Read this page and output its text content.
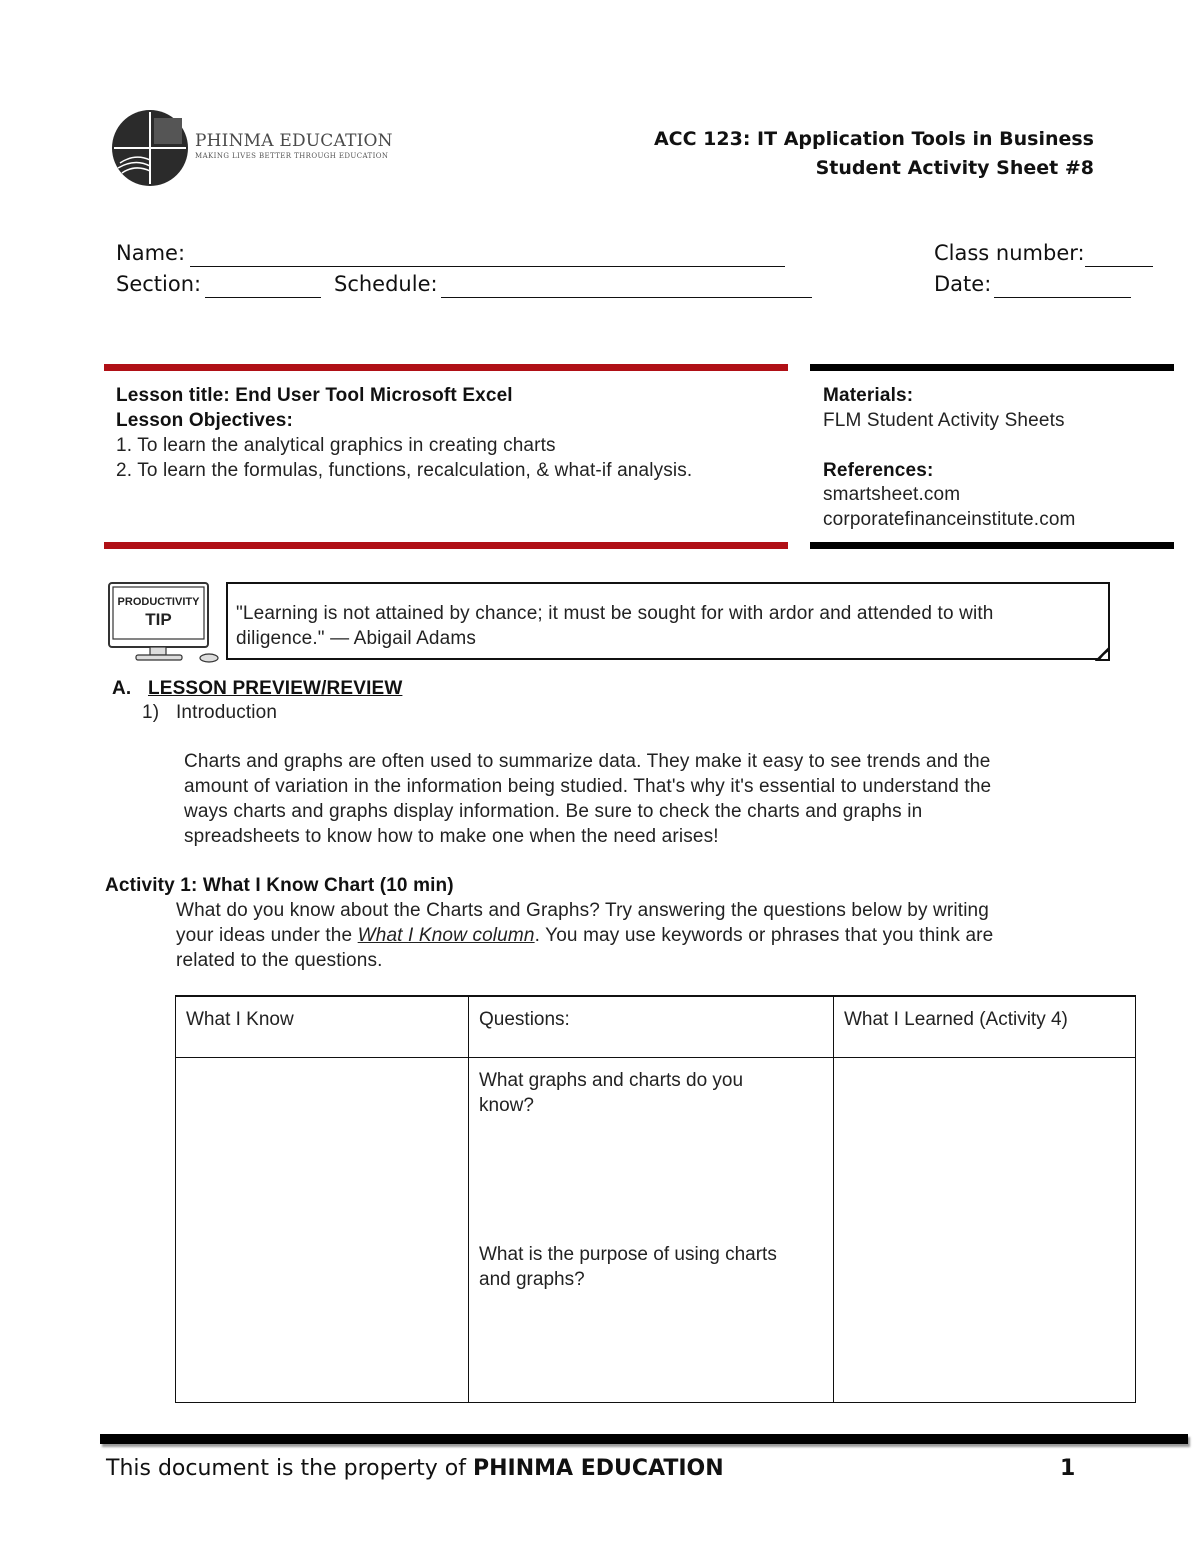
PHINMA EDUCATION
MAKING LIVES BETTER THROUGH EDUCATION
ACC 123: IT Application Tools in Business
Student Activity Sheet #8
Name:	Class number:
Section:	Schedule:	Date:
Lesson title: End User Tool Microsoft Excel
Lesson Objectives:
1. To learn the analytical graphics in creating charts
2. To learn the formulas, functions, recalculation, & what-if analysis.
Materials:
FLM Student Activity Sheets
References:
smartsheet.com
corporatefinanceinstitute.com
PRODUCTIVITY
TIP	"Learning is not attained by chance; it must be sought for with ardor and attended to with
diligence." — Abigail Adams
A. LESSON PREVIEW/REVIEW
1) Introduction
Charts and graphs are often used to summarize data. They make it easy to see trends and the
amount of variation in the information being studied. That's why it's essential to understand the
ways charts and graphs display information. Be sure to check the charts and graphs in
spreadsheets to know how to make one when the need arises!
Activity 1: What I Know Chart (10 min)
What do you know about the Charts and Graphs? Try answering the questions below by writing
your ideas under the What I Know column. You may use keywords or phrases that you think are
related to the questions.
What I Know	Questions:	What I Learned (Activity 4)

	What graphs and charts do you
know?
What is the purpose of using charts
and graphs?	

This document is the property of PHINMA EDUCATION	1
